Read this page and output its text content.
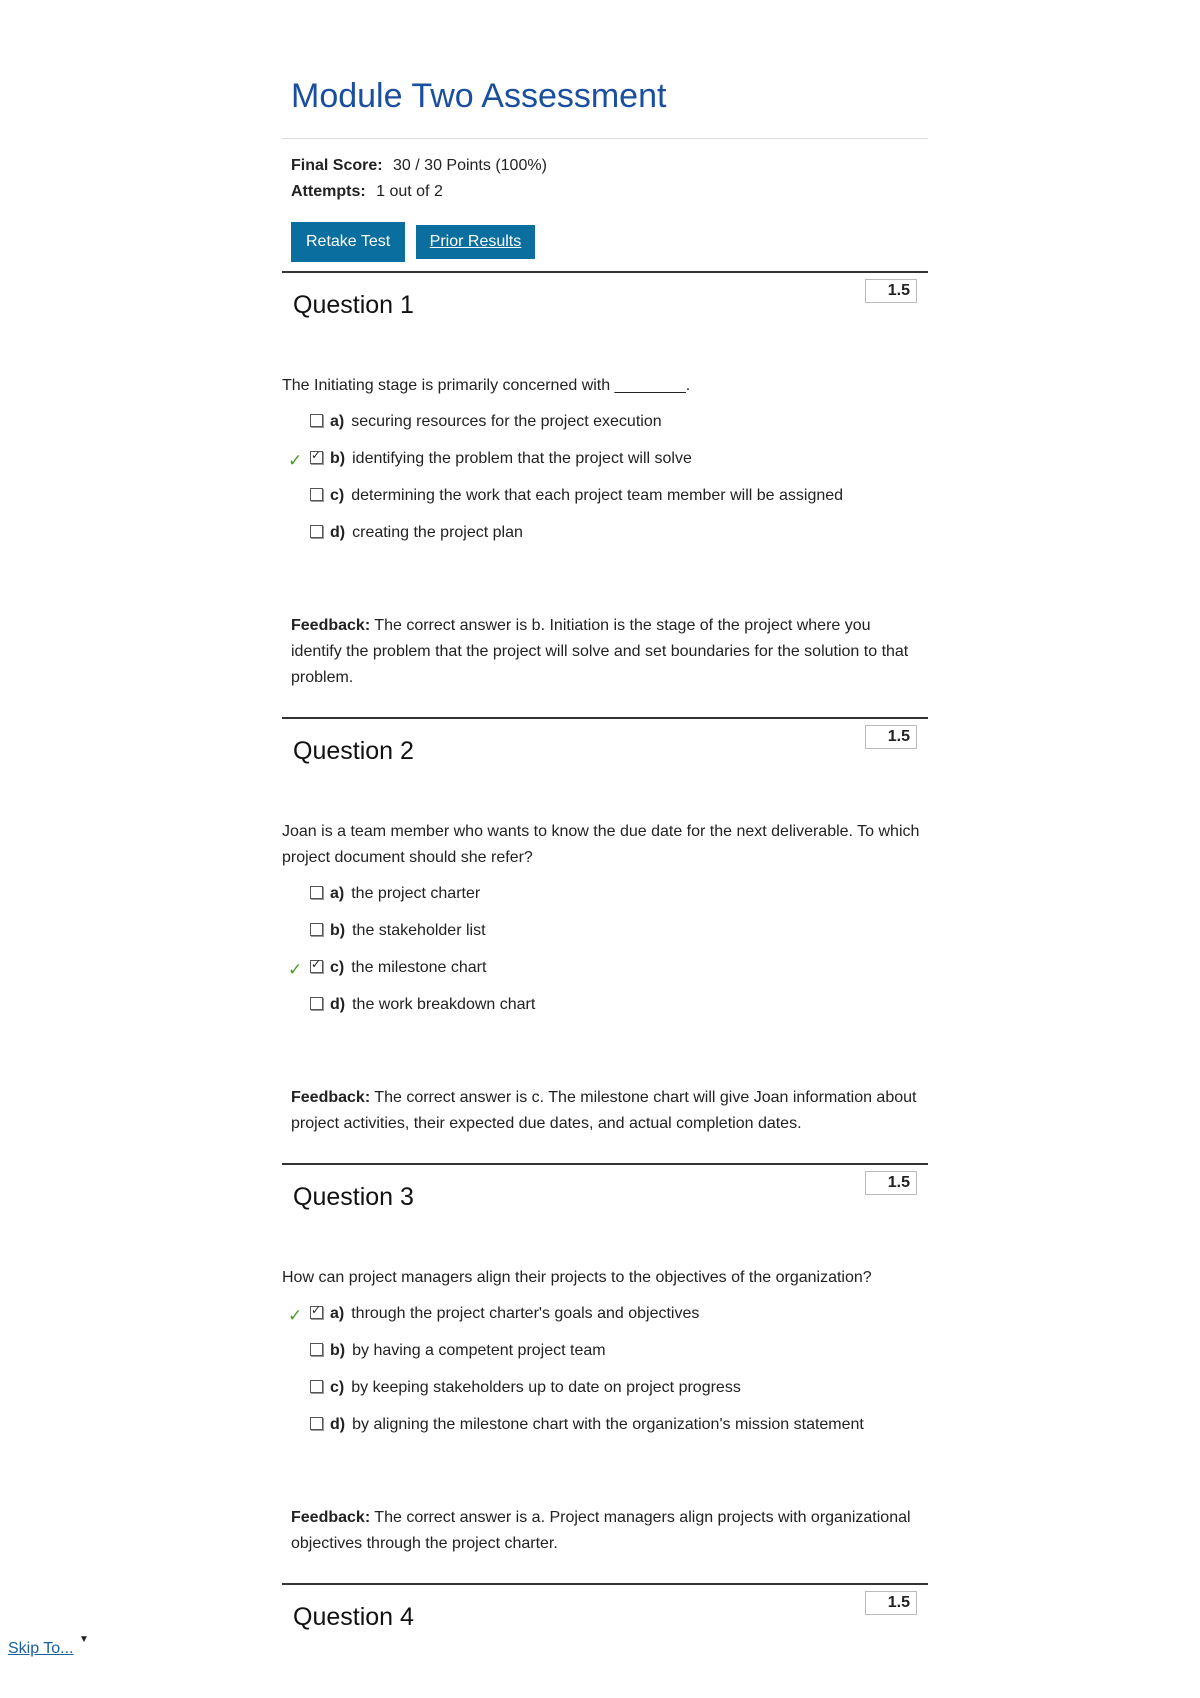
Module Two Assessment
Final Score: 30 / 30 Points (100%)
Attempts: 1 out of 2
Retake Test Prior Results
Question 1
1.5

The Initiating stage is primarily concerned with ________.

a) securing resources for the project execution
✓ ✓ b) identifying the problem that the project will solve
c) determining the work that each project team member will be assigned
d) creating the project plan
Feedback: The correct answer is b. Initiation is the stage of the project where you identify the problem that the project will solve and set boundaries for the solution to that problem.
Question 2
1.5

Joan is a team member who wants to know the due date for the next deliverable. To which project document should she refer?

a) the project charter
b) the stakeholder list
✓ ✓ c) the milestone chart
d) the work breakdown chart
Feedback: The correct answer is c. The milestone chart will give Joan information about project activities, their expected due dates, and actual completion dates.
Question 3
1.5

How can project managers align their projects to the objectives of the organization?

✓ ✓ a) through the project charter's goals and objectives
b) by having a competent project team
c) by keeping stakeholders up to date on project progress
d) by aligning the milestone chart with the organization's mission statement
Feedback: The correct answer is a. Project managers align projects with organizational objectives through the project charter.
Question 4
1.5
Skip To...
▼
